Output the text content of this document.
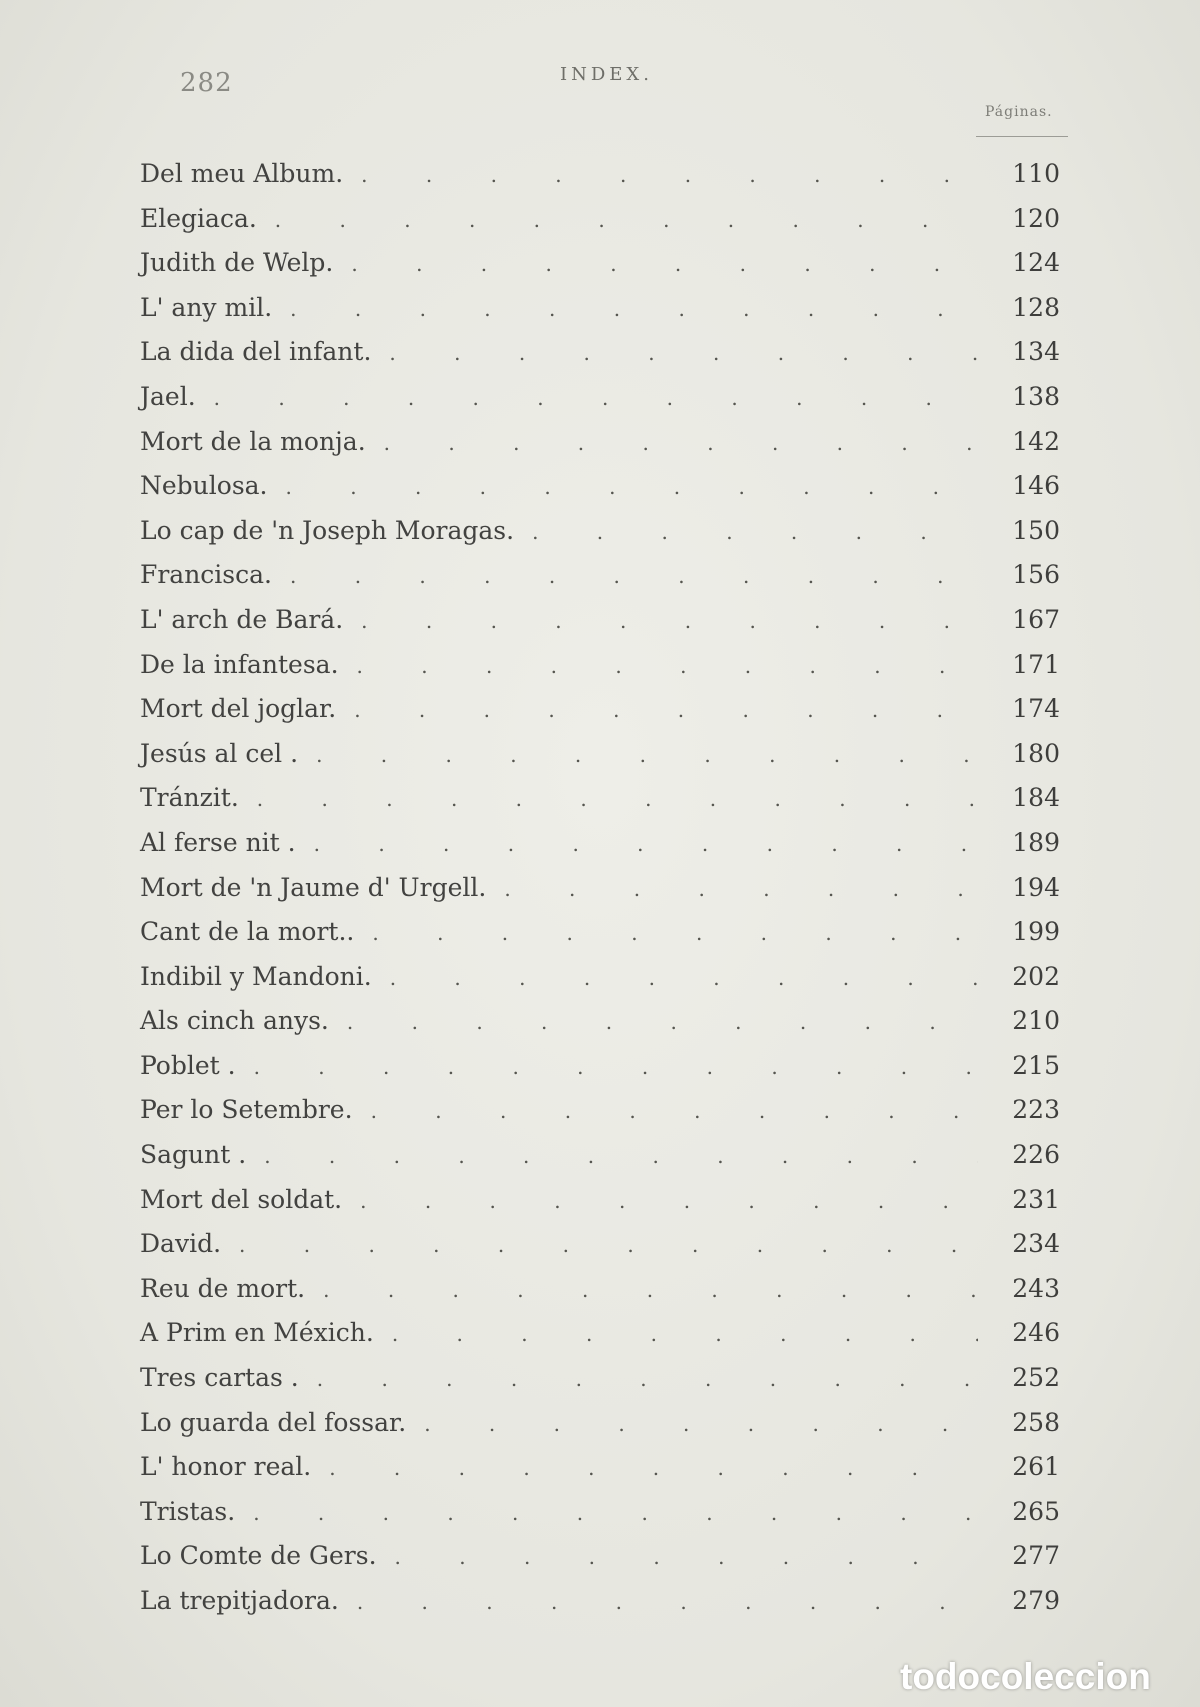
282	INDEX.
Páginas.
Del meu Album. . . .	110
Elegiaca. . . .	120
Judith de Welp. . . .	124
L' any mil. . . .	128
La dida del infant. . . .	134
Jael. . . .	138
Mort de la monja. . . .	142
Nebulosa. . . .	146
Lo cap de 'n Joseph Moragas. . . .	150
Francisca. . . .	156
L' arch de Bará. . . .	167
De la infantesa. . . .	171
Mort del joglar. . . .	174
Jesús al cel . . . .	180
Tránzit. . . .	184
Al ferse nit . . . .	189
Mort de 'n Jaume d' Urgell. . . .	194
Cant de la mort.. . . .	199
Indibil y Mandoni. . . .	202
Als cinch anys. . . .	210
Poblet . . . .	215
Per lo Setembre. . . .	223
Sagunt . . . .	226
Mort del soldat. . . .	231
David. . . .	234
Reu de mort. . . .	243
A Prim en Méxich. . . .	246
Tres cartas . . . .	252
Lo guarda del fossar. . . .	258
L' honor real. . . .	261
Tristas. . . .	265
Lo Comte de Gers. . . .	277
La trepitjadora. . . .	279
todocoleccion
